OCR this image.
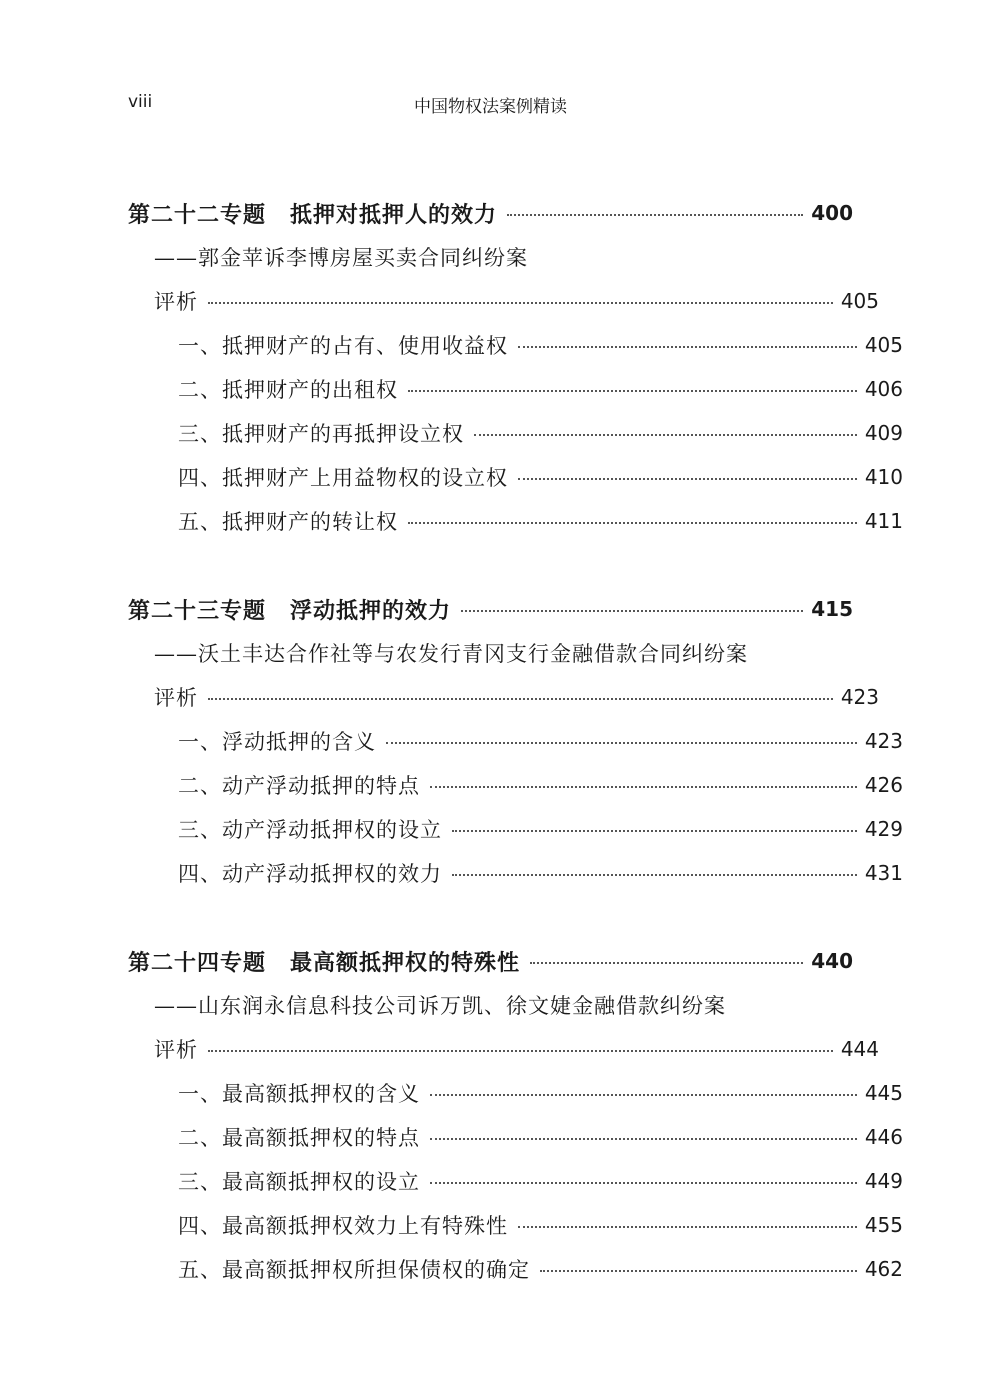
viii	中国物权法案例精读
第二十二专题 抵押对抵押人的效力	400
——郭金苹诉李博房屋买卖合同纠纷案
评析	405
一、抵押财产的占有、使用收益权	405
二、抵押财产的出租权	406
三、抵押财产的再抵押设立权	409
四、抵押财产上用益物权的设立权	410
五、抵押财产的转让权	411
第二十三专题 浮动抵押的效力	415
——沃土丰达合作社等与农发行青冈支行金融借款合同纠纷案
评析	423
一、浮动抵押的含义	423
二、动产浮动抵押的特点	426
三、动产浮动抵押权的设立	429
四、动产浮动抵押权的效力	431
第二十四专题 最高额抵押权的特殊性	440
——山东润永信息科技公司诉万凯、徐文婕金融借款纠纷案
评析	444
一、最高额抵押权的含义	445
二、最高额抵押权的特点	446
三、最高额抵押权的设立	449
四、最高额抵押权效力上有特殊性	455
五、最高额抵押权所担保债权的确定	462
